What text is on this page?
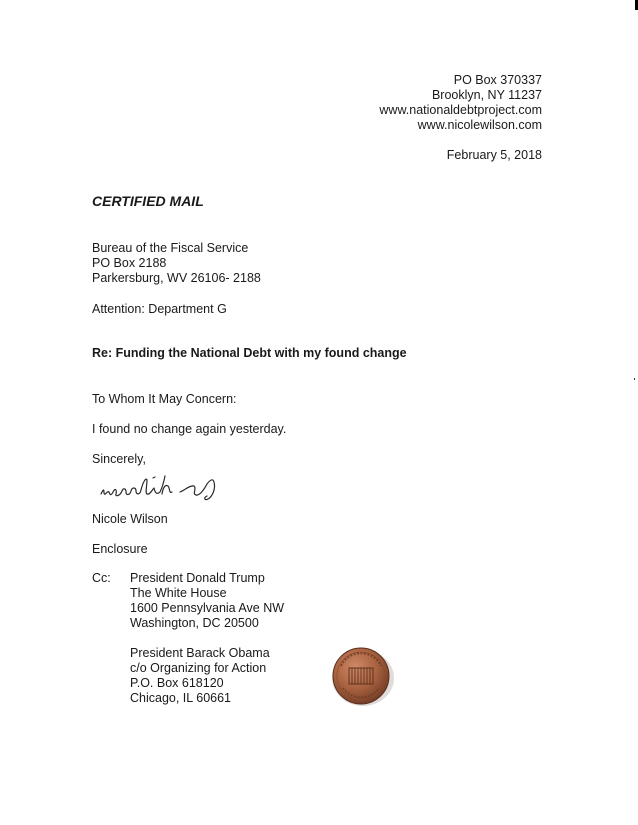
PO Box 370337
Brooklyn, NY 11237
www.nationaldebtproject.com
www.nicolewilson.com
February 5, 2018
CERTIFIED MAIL
Bureau of the Fiscal Service
PO Box 2188
Parkersburg, WV 26106- 2188
Attention: Department G
Re: Funding the National Debt with my found change
To Whom It May Concern:
I found no change again yesterday.
Sincerely,
Nicole Wilson
Enclosure
Cc: President Donald Trump
The White House
1600 Pennsylvania Ave NW
Washington, DC 20500
President Barack Obama
c/o Organizing for Action
P.O. Box 618120
Chicago, IL 60661
